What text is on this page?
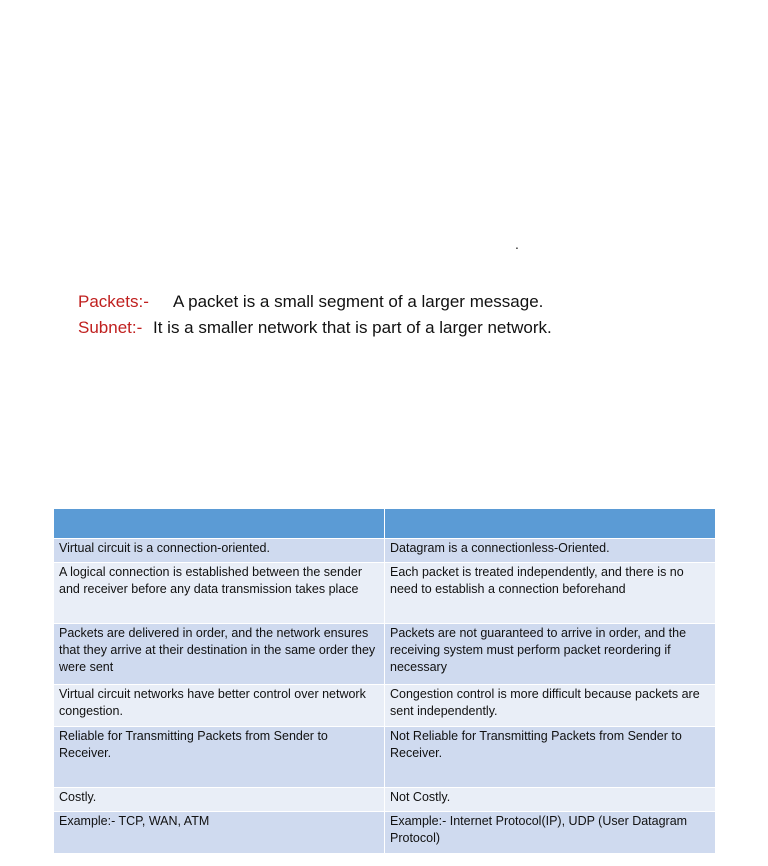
.
Packets:- A packet is a small segment of a larger message.
Subnet:- It is a smaller network that is part of a larger network.

Virtual circuit is a connection-oriented.	Datagram is a connectionless-Oriented.
A logical connection is established between the sender and receiver before any data transmission takes place	Each packet is treated independently, and there is no need to establish a connection beforehand
Packets are delivered in order, and the network ensures that they arrive at their destination in the same order they were sent	Packets are not guaranteed to arrive in order, and the receiving system must perform packet reordering if necessary
Virtual circuit networks have better control over network congestion.	Congestion control is more difficult because packets are sent independently.
Reliable for Transmitting Packets from Sender to Receiver.	Not Reliable for Transmitting Packets from Sender to Receiver.
Costly.	Not Costly.
Example:- TCP, WAN, ATM	Example:- Internet Protocol(IP), UDP (User Datagram Protocol)
